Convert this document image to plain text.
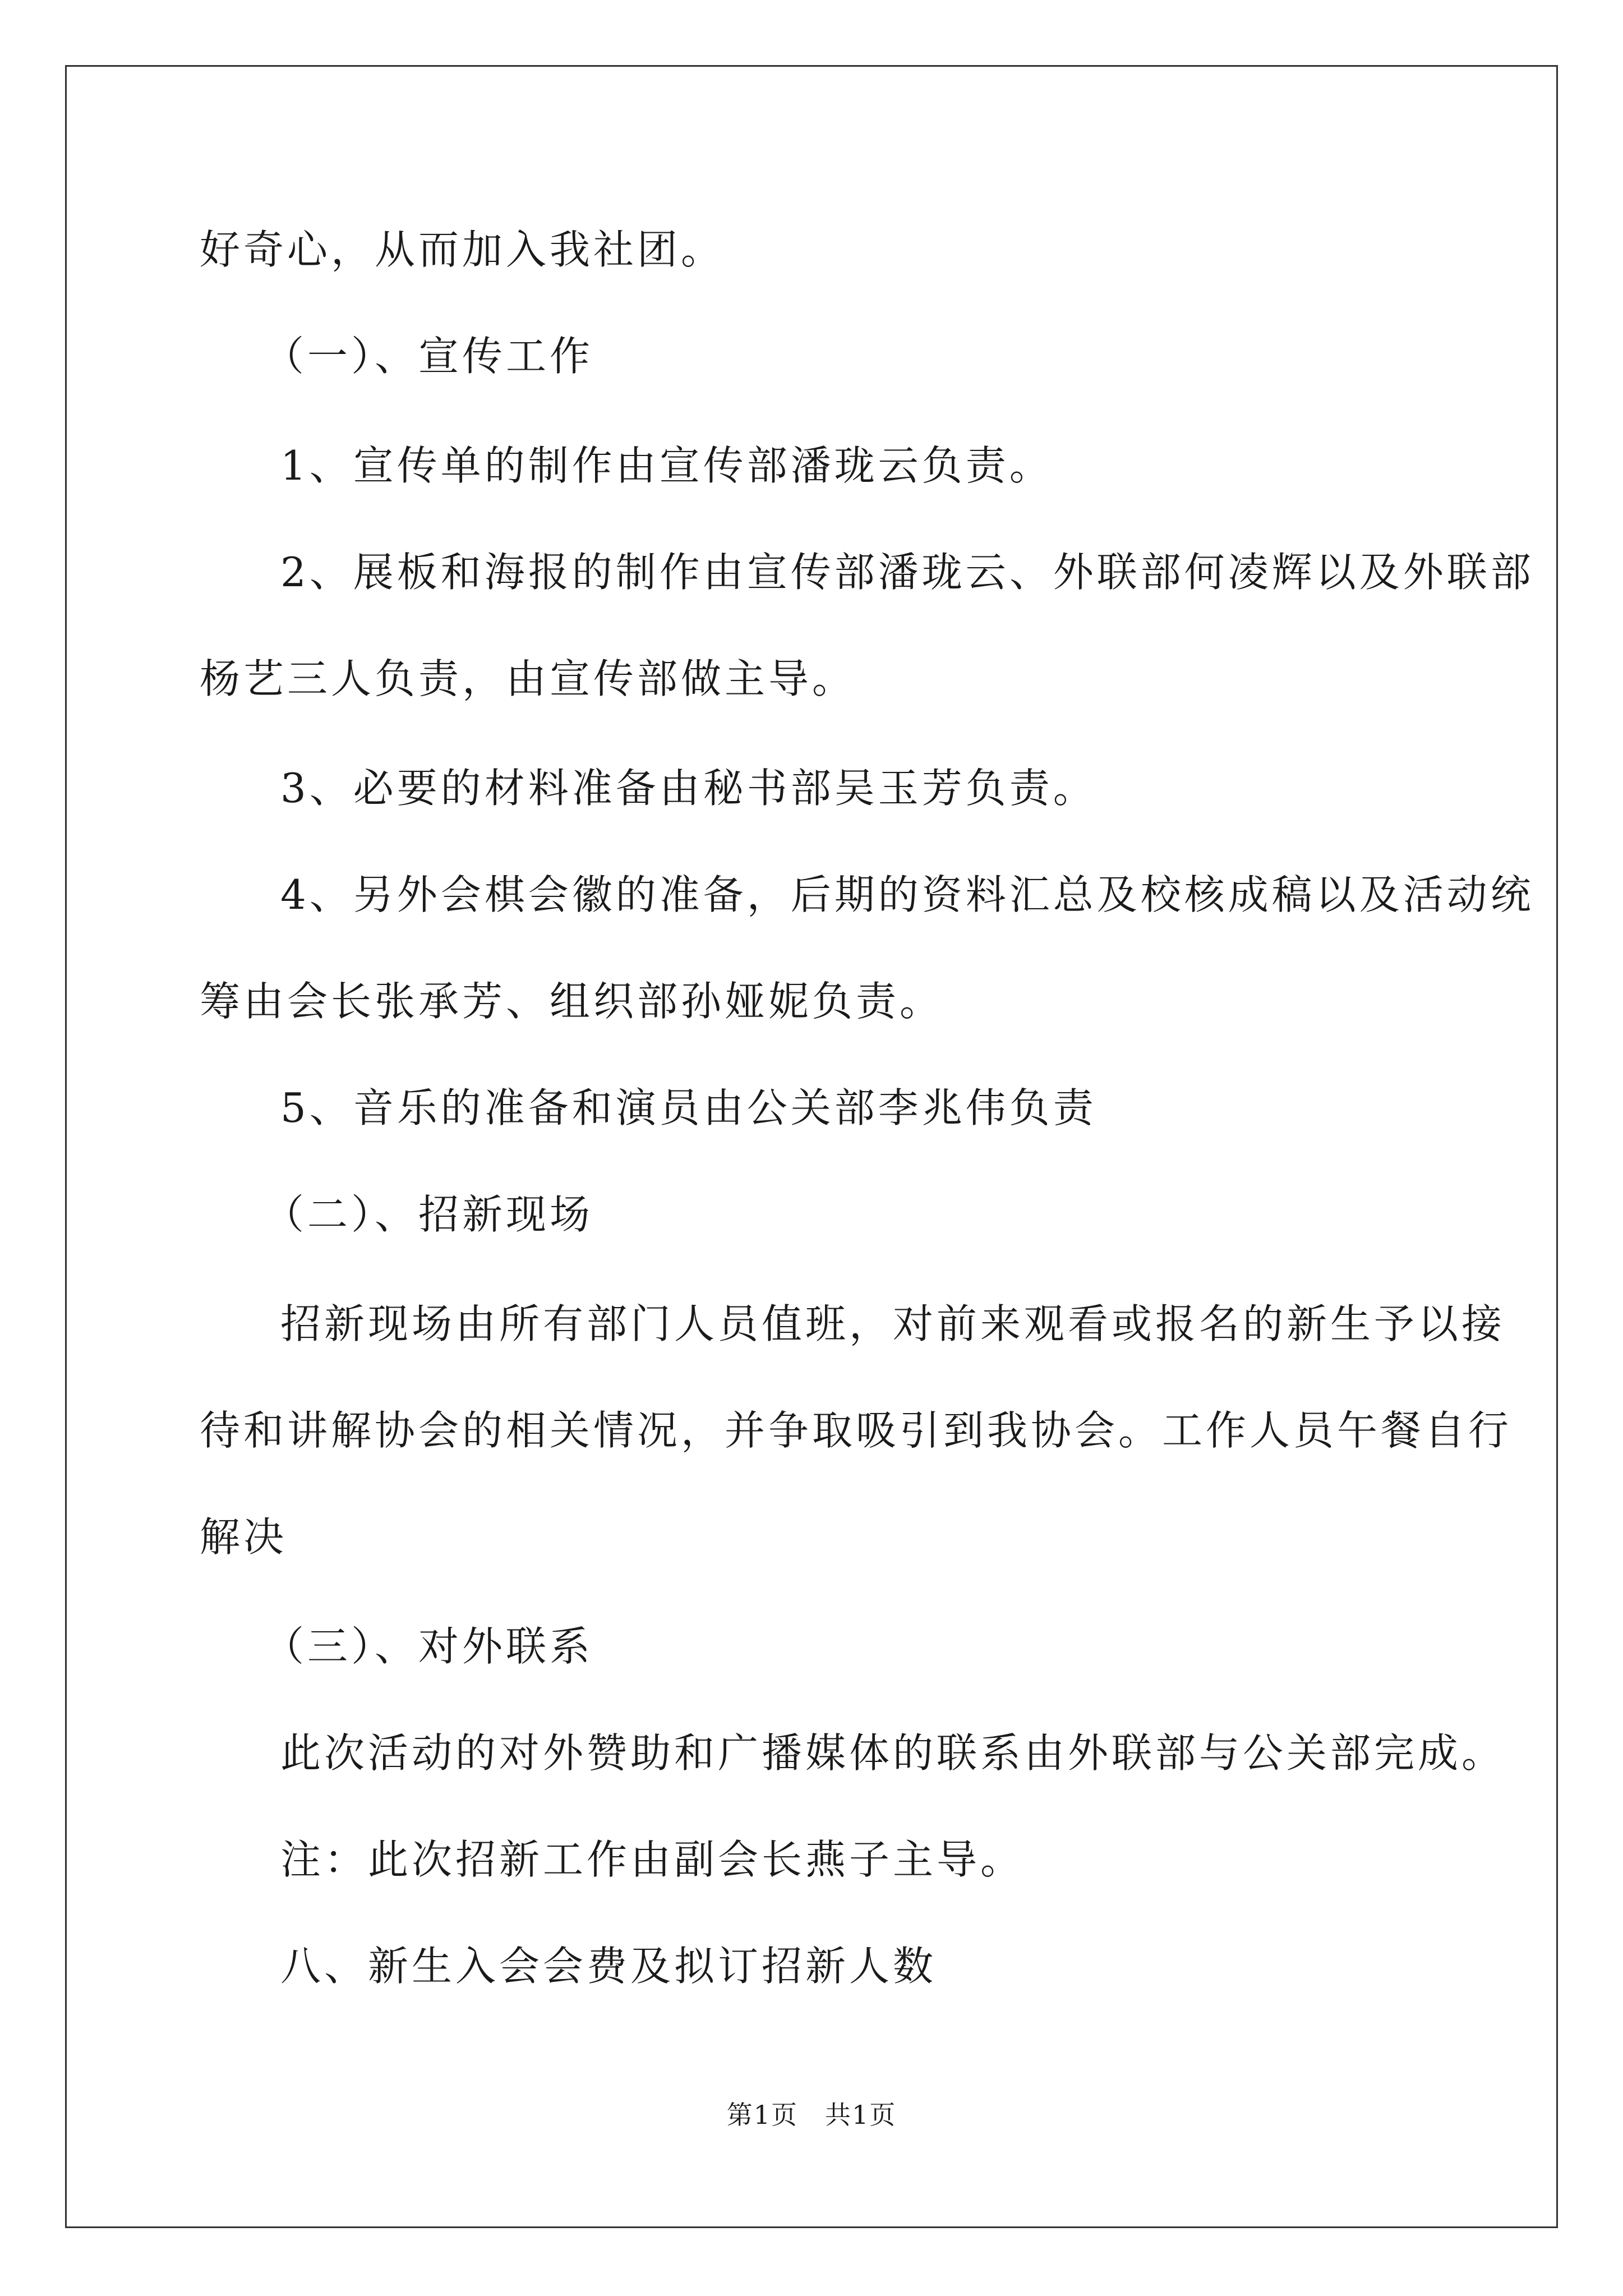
好奇心，从而加入我社团。
（一）、宣传工作
1、宣传单的制作由宣传部潘珑云负责。
2、展板和海报的制作由宣传部潘珑云、外联部何凌辉以及外联部
杨艺三人负责，由宣传部做主导。
3、必要的材料准备由秘书部吴玉芳负责。
4、另外会棋会徽的准备，后期的资料汇总及校核成稿以及活动统
筹由会长张承芳、组织部孙娅妮负责。
5、音乐的准备和演员由公关部李兆伟负责
（二）、招新现场
招新现场由所有部门人员值班，对前来观看或报名的新生予以接
待和讲解协会的相关情况，并争取吸引到我协会。工作人员午餐自行
解决
（三）、对外联系
此次活动的对外赞助和广播媒体的联系由外联部与公关部完成。
注：此次招新工作由副会长燕子主导。
八、新生入会会费及拟订招新人数
第1页　共1页
